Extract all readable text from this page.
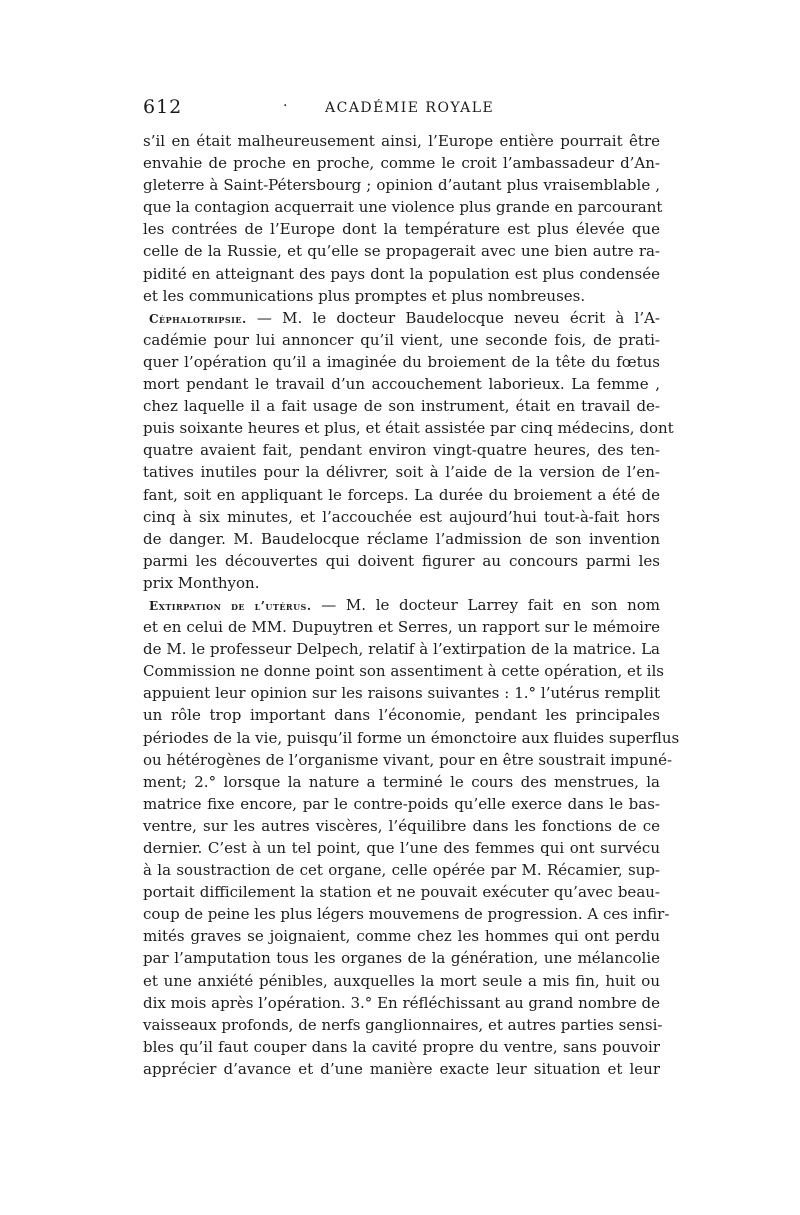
612	·	ACADÉMIE ROYALE
s’il en était malheureusement ainsi, l’Europe entière pourrait être
envahie de proche en proche, comme le croit l’ambassadeur d’An-
gleterre à Saint-Pétersbourg ; opinion d’autant plus vraisemblable ,
que la contagion acquerrait une violence plus grande en parcourant
les contrées de l’Europe dont la température est plus élevée que
celle de la Russie, et qu’elle se propagerait avec une bien autre ra-
pidité en atteignant des pays dont la population est plus condensée
et les communications plus promptes et plus nombreuses.
Céphalotripsie. — M. le docteur Baudelocque neveu écrit à l’A-
cadémie pour lui annoncer qu’il vient, une seconde fois, de prati-
quer l’opération qu’il a imaginée du broiement de la tête du fœtus
mort pendant le travail d’un accouchement laborieux. La femme ,
chez laquelle il a fait usage de son instrument, était en travail de-
puis soixante heures et plus, et était assistée par cinq médecins, dont
quatre avaient fait, pendant environ vingt-quatre heures, des ten-
tatives inutiles pour la délivrer, soit à l’aide de la version de l’en-
fant, soit en appliquant le forceps. La durée du broiement a été de
cinq à six minutes, et l’accouchée est aujourd’hui tout-à-fait hors
de danger. M. Baudelocque réclame l’admission de son invention
parmi les découvertes qui doivent figurer au concours parmi les
prix Monthyon.
Extirpation de l’utérus. — M. le docteur Larrey fait en son nom
et en celui de MM. Dupuytren et Serres, un rapport sur le mémoire
de M. le professeur Delpech, relatif à l’extirpation de la matrice. La
Commission ne donne point son assentiment à cette opération, et ils
appuient leur opinion sur les raisons suivantes : 1.° l’utérus remplit
un rôle trop important dans l’économie, pendant les principales
périodes de la vie, puisqu’il forme un émonctoire aux fluides superflus
ou hétérogènes de l’organisme vivant, pour en être soustrait impuné-
ment; 2.° lorsque la nature a terminé le cours des menstrues, la
matrice fixe encore, par le contre-poids qu’elle exerce dans le bas-
ventre, sur les autres viscères, l’équilibre dans les fonctions de ce
dernier. C’est à un tel point, que l’une des femmes qui ont survécu
à la soustraction de cet organe, celle opérée par M. Récamier, sup-
portait difficilement la station et ne pouvait exécuter qu’avec beau-
coup de peine les plus légers mouvemens de progression. A ces infir-
mités graves se joignaient, comme chez les hommes qui ont perdu
par l’amputation tous les organes de la génération, une mélancolie
et une anxiété pénibles, auxquelles la mort seule a mis fin, huit ou
dix mois après l’opération. 3.° En réfléchissant au grand nombre de
vaisseaux profonds, de nerfs ganglionnaires, et autres parties sensi-
bles qu’il faut couper dans la cavité propre du ventre, sans pouvoir
apprécier d’avance et d’une manière exacte leur situation et leur
